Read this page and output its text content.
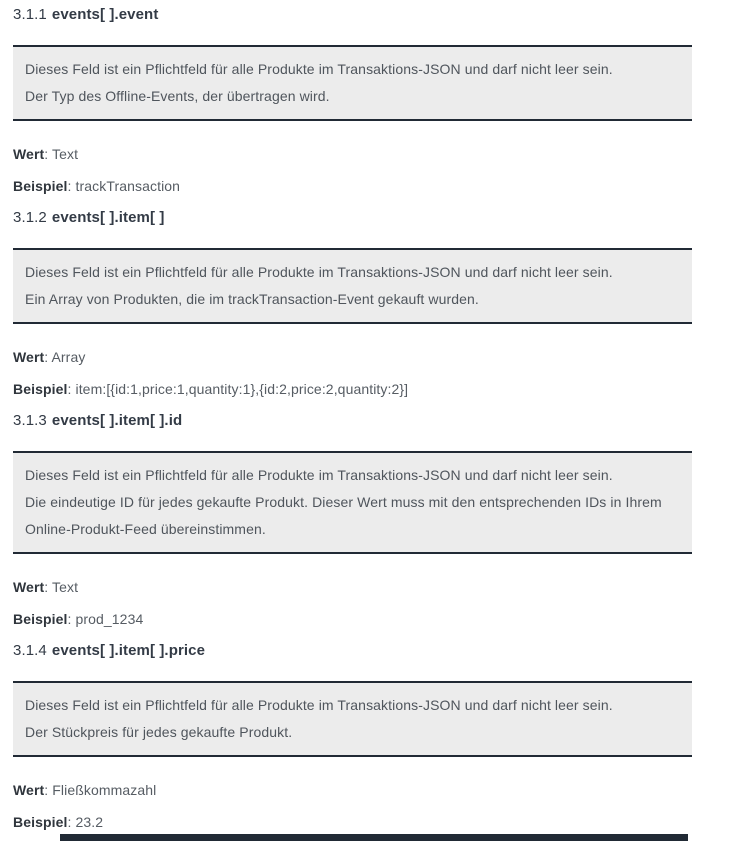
3.1.1 events[ ].event

Dieses Feld ist ein Pflichtfeld für alle Produkte im Transaktions-JSON und darf nicht leer sein.

Der Typ des Offline-Events, der übertragen wird.

Wert: Text

Beispiel: trackTransaction

3.1.2 events[ ].item[ ]

Dieses Feld ist ein Pflichtfeld für alle Produkte im Transaktions-JSON und darf nicht leer sein.

Ein Array von Produkten, die im trackTransaction-Event gekauft wurden.

Wert: Array

Beispiel: item:[{id:1,price:1,quantity:1},{id:2,price:2,quantity:2}]

3.1.3 events[ ].item[ ].id

Dieses Feld ist ein Pflichtfeld für alle Produkte im Transaktions-JSON und darf nicht leer sein.

Die eindeutige ID für jedes gekaufte Produkt. Dieser Wert muss mit den entsprechenden IDs in Ihrem Online-Produkt-Feed übereinstimmen.

Wert: Text

Beispiel: prod_1234

3.1.4 events[ ].item[ ].price

Dieses Feld ist ein Pflichtfeld für alle Produkte im Transaktions-JSON und darf nicht leer sein.

Der Stückpreis für jedes gekaufte Produkt.

Wert: Fließkommazahl

Beispiel: 23.2
